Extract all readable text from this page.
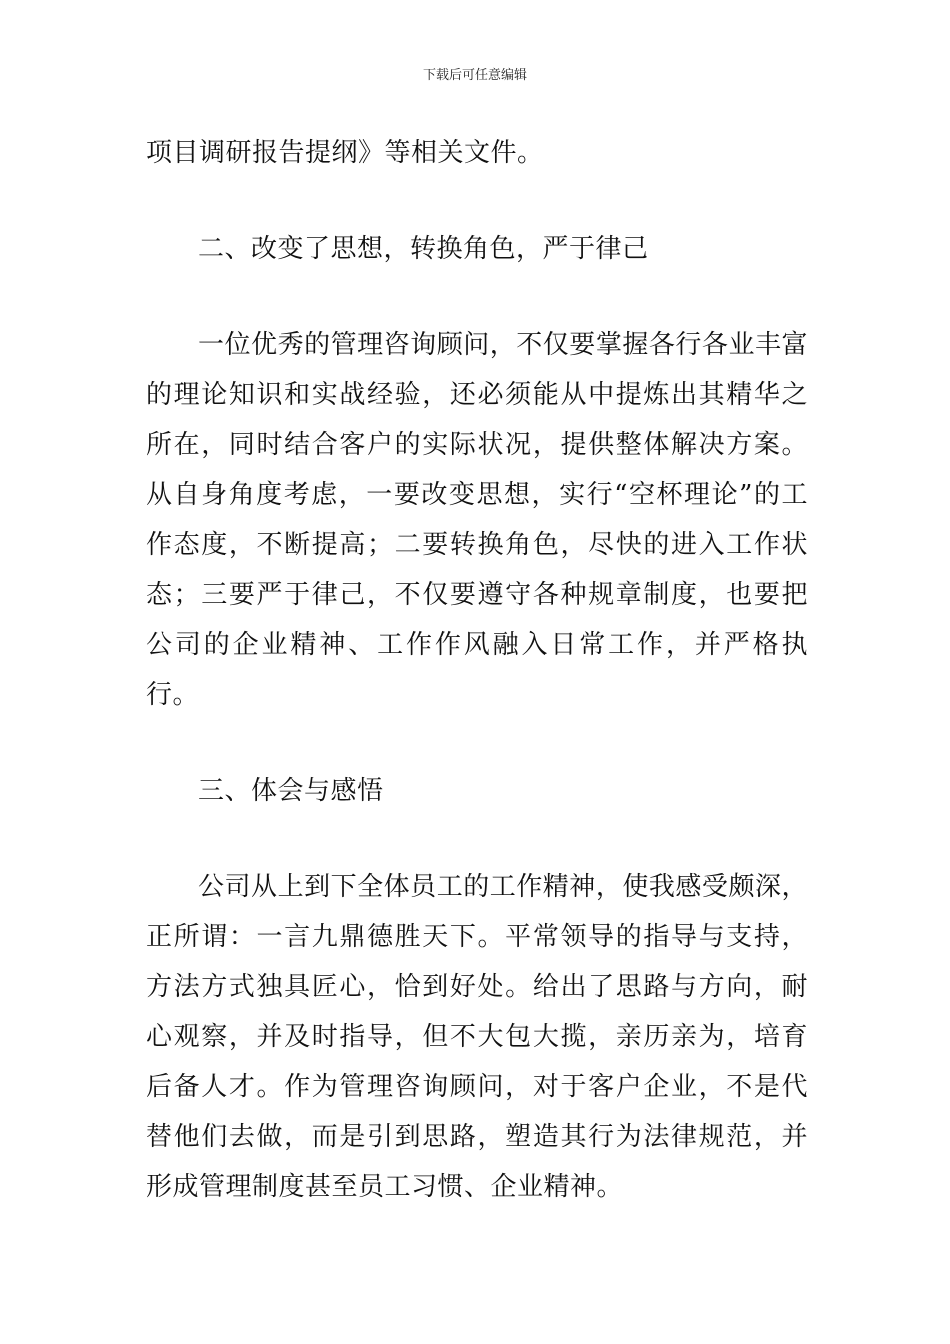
下载后可任意编辑

项目调研报告提纲》等相关文件。

二、改变了思想，转换角色，严于律己

一位优秀的管理咨询顾问，不仅要掌握各行各业丰富的理论知识和实战经验，还必须能从中提炼出其精华之所在，同时结合客户的实际状况，提供整体解决方案。从自身角度考虑，一要改变思想，实行“空杯理论”的工作态度，不断提高；二要转换角色，尽快的进入工作状态；三要严于律己，不仅要遵守各种规章制度，也要把公司的企业精神、工作作风融入日常工作，并严格执行。

三、体会与感悟

公司从上到下全体员工的工作精神，使我感受颇深，正所谓：一言九鼎德胜天下。平常领导的指导与支持，方法方式独具匠心，恰到好处。给出了思路与方向，耐心观察，并及时指导，但不大包大揽，亲历亲为，培育后备人才。作为管理咨询顾问，对于客户企业，不是代替他们去做，而是引到思路，塑造其行为法律规范，并形成管理制度甚至员工习惯、企业精神。
